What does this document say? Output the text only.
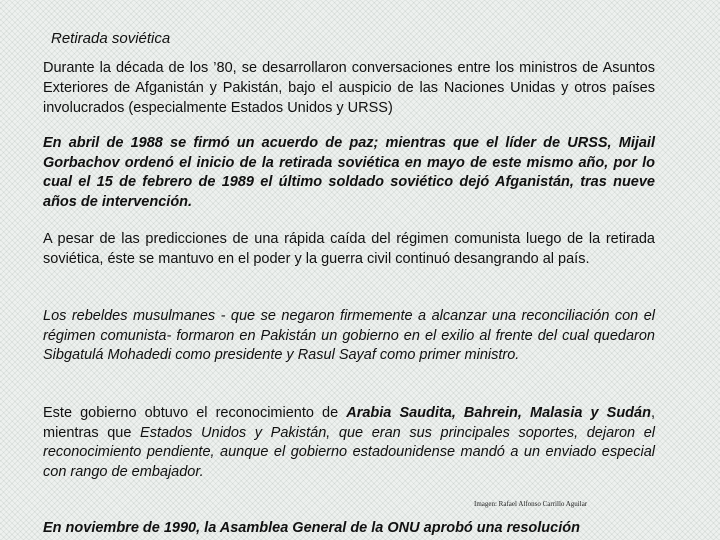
Retirada soviética

Durante la década de los ’80, se desarrollaron conversaciones entre los ministros de Asuntos Exteriores de Afganistán y Pakistán, bajo el auspicio de las Naciones Unidas y otros países involucrados (especialmente Estados Unidos y URSS)

En abril de 1988 se firmó un acuerdo de paz; mientras que el líder de URSS, Mijail Gorbachov ordenó el inicio de la retirada soviética en mayo de este mismo año, por lo cual el 15 de febrero de 1989 el último soldado soviético dejó Afganistán, tras nueve años de intervención.

A pesar de las predicciones de una rápida caída del régimen comunista luego de la retirada soviética, éste se mantuvo en el poder y la guerra civil continuó desangrando al país.

Los rebeldes musulmanes - que se negaron firmemente a alcanzar una reconciliación con el régimen comunista- formaron en Pakistán un gobierno en el exilio al frente del cual quedaron Sibgatulá Mohadedi como presidente y Rasul Sayaf como primer ministro.

Este gobierno obtuvo el reconocimiento de Arabia Saudita, Bahrein, Malasia y Sudán, mientras que Estados Unidos y Pakistán, que eran sus principales soportes, dejaron el reconocimiento pendiente, aunque el gobierno estadounidense mandó a un enviado especial con rango de embajador.

Imagen: Rafael Alfonso Carrillo Aguilar

En noviembre de 1990, la Asamblea General de la ONU aprobó una resolución
